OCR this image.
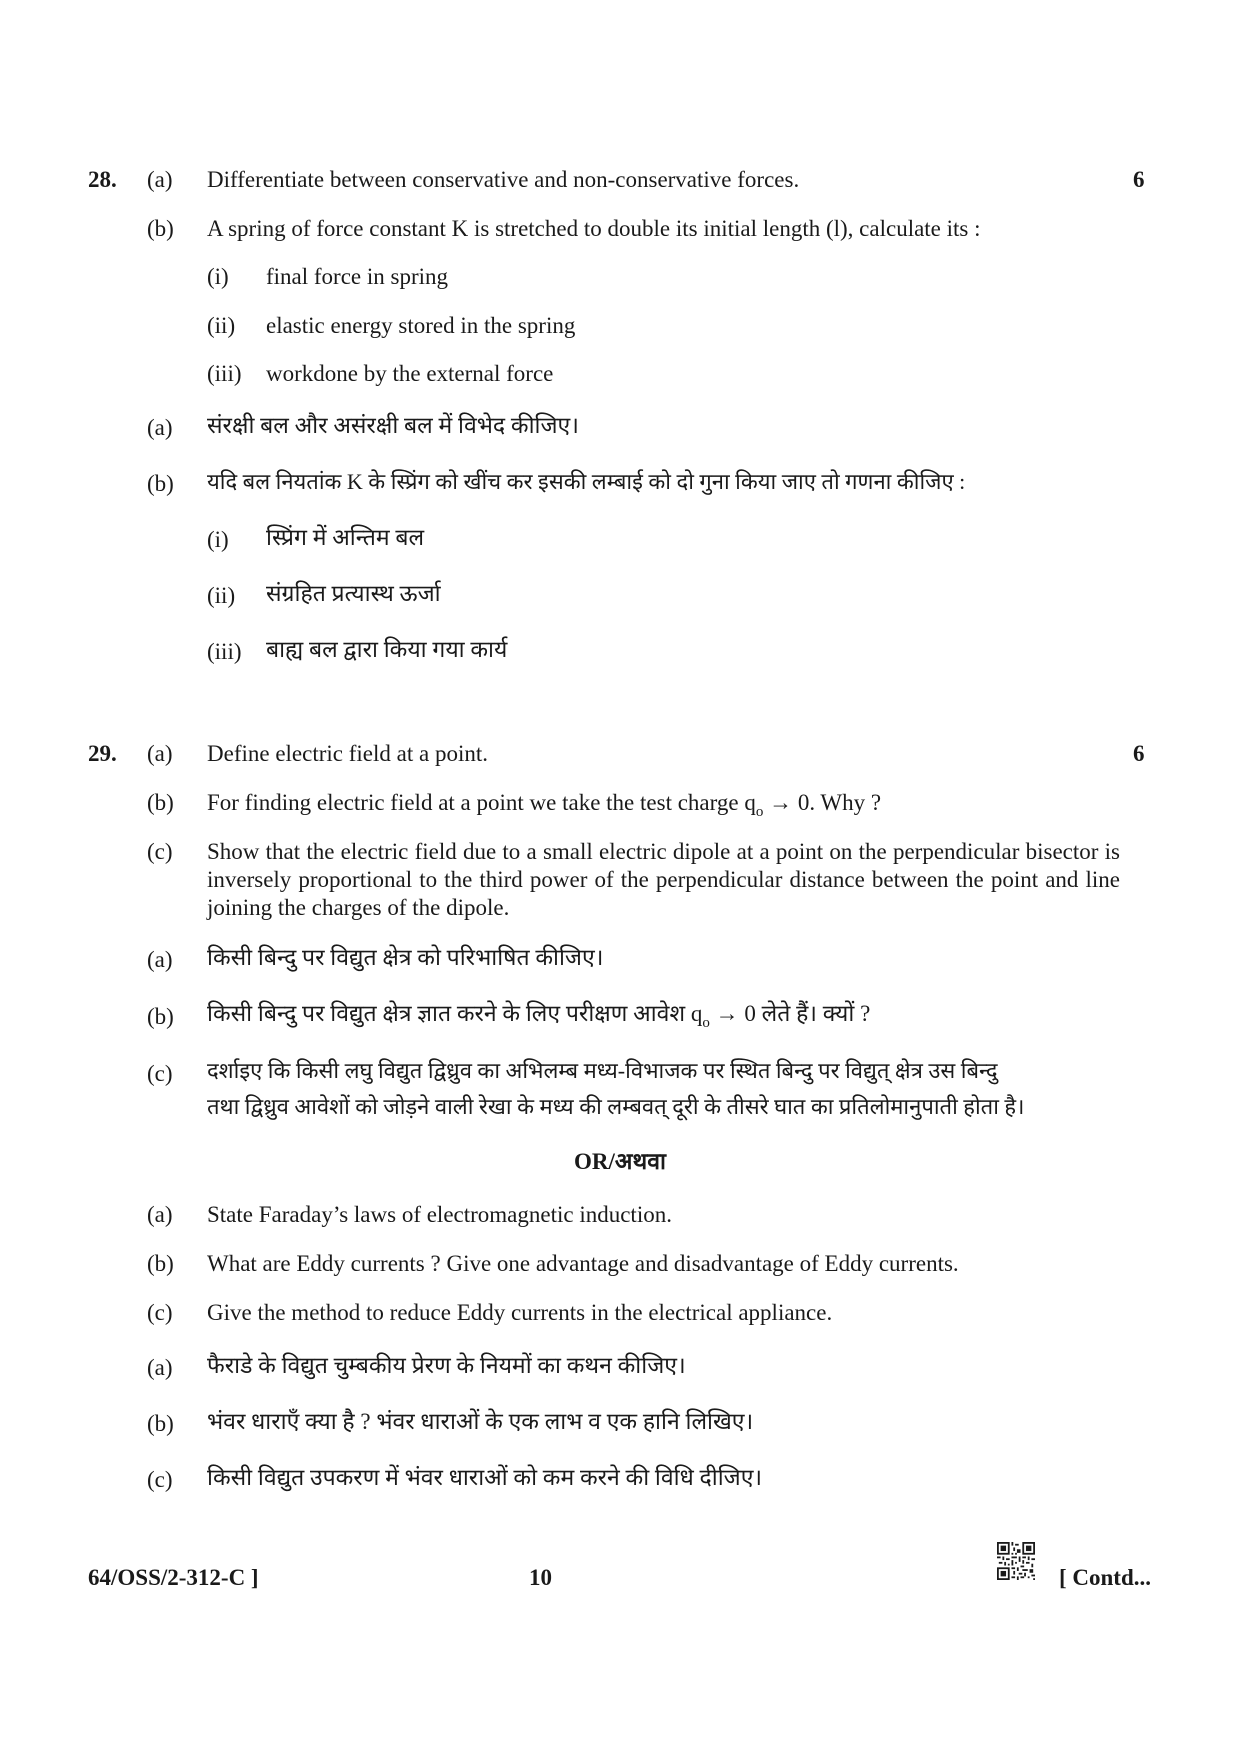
28.	6
(a) Differentiate between conservative and non-conservative forces.
(b) A spring of force constant K is stretched to double its initial length (l), calculate its :
(i) final force in spring
(ii) elastic energy stored in the spring
(iii) workdone by the external force
(a) संरक्षी बल और असंरक्षी बल में विभेद कीजिए।
(b) यदि बल नियतांक K के स्प्रिंग को खींच कर इसकी लम्बाई को दो गुना किया जाए तो गणना कीजिए :
(i) स्प्रिंग में अन्तिम बल
(ii) संग्रहित प्रत्यास्थ ऊर्जा
(iii) बाह्य बल द्वारा किया गया कार्य
29.	6
(a) Define electric field at a point.
(b) For finding electric field at a point we take the test charge $q_o \to 0$. Why ?
(c) Show that the electric field due to a small electric dipole at a point on the perpendicular bisector is inversely proportional to the third power of the perpendicular distance between the point and line joining the charges of the dipole.
(a) किसी बिन्दु पर विद्युत क्षेत्र को परिभाषित कीजिए।
(b) किसी बिन्दु पर विद्युत क्षेत्र ज्ञात करने के लिए परीक्षण आवेश $q_o \to 0$ लेते हैं। क्यों ?
(c) दर्शाइए कि किसी लघु विद्युत द्विध्रुव का अभिलम्ब मध्य-विभाजक पर स्थित बिन्दु पर विद्युत् क्षेत्र उस बिन्दु
तथा द्विध्रुव आवेशों को जोड़ने वाली रेखा के मध्य की लम्बवत् दूरी के तीसरे घात का प्रतिलोमानुपाती होता है।
OR/अथवा
(a) State Faraday’s laws of electromagnetic induction.
(b) What are Eddy currents ? Give one advantage and disadvantage of Eddy currents.
(c) Give the method to reduce Eddy currents in the electrical appliance.
(a) फैराडे के विद्युत चुम्बकीय प्रेरण के नियमों का कथन कीजिए।
(b) भंवर धाराएँ क्या है ? भंवर धाराओं के एक लाभ व एक हानि लिखिए।
(c) किसी विद्युत उपकरण में भंवर धाराओं को कम करने की विधि दीजिए।
64/OSS/2-312-C ]	10	[ Contd...
